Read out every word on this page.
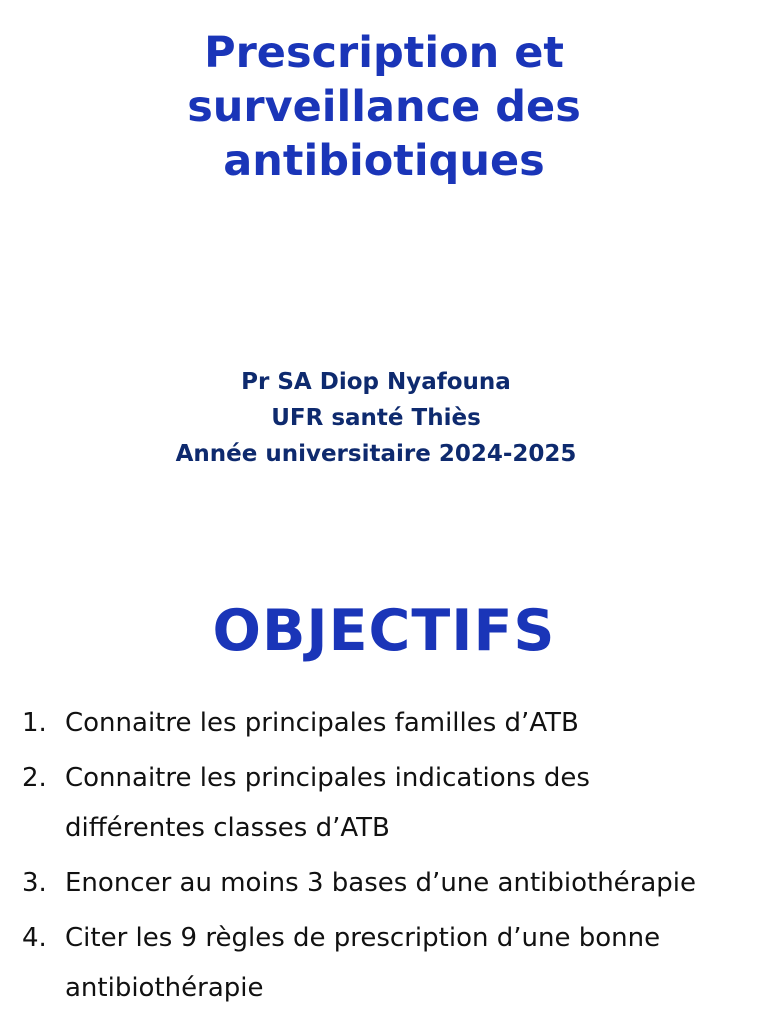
Prescription et
surveillance des
antibiotiques
Pr SA Diop Nyafouna
UFR santé Thiès
Année universitaire 2024-2025
OBJECTIFS
1. Connaitre les principales familles d’ATB
2. Connaitre les principales indications des
différentes classes d’ATB
3. Enoncer au moins 3 bases d’une antibiothérapie
4. Citer les 9 règles de prescription d’une bonne
antibiothérapie
